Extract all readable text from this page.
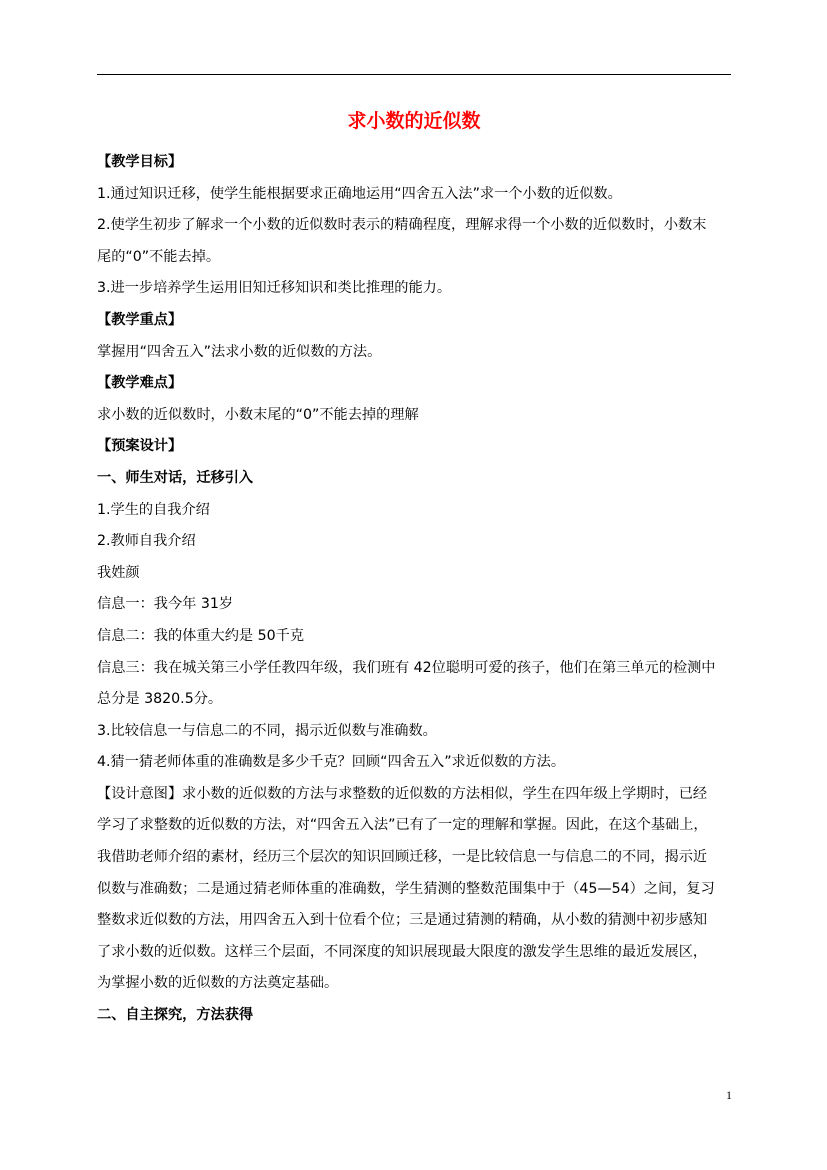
求小数的近似数
【教学目标】
1.通过知识迁移，使学生能根据要求正确地运用“四舍五入法”求一个小数的近似数。
2.使学生初步了解求一个小数的近似数时表示的精确程度，理解求得一个小数的近似数时，小数末
尾的“0”不能去掉。
3.进一步培养学生运用旧知迁移知识和类比推理的能力。
【教学重点】
掌握用“四舍五入”法求小数的近似数的方法。
【教学难点】
求小数的近似数时，小数末尾的“0”不能去掉的理解
【预案设计】
一、师生对话，迁移引入
1.学生的自我介绍
2.教师自我介绍
我姓颜
信息一：我今年 31岁
信息二：我的体重大约是 50千克
信息三：我在城关第三小学任教四年级，我们班有 42位聪明可爱的孩子，他们在第三单元的检测中
总分是 3820.5分。
3.比较信息一与信息二的不同，揭示近似数与准确数。
4.猜一猜老师体重的准确数是多少千克？回顾“四舍五入”求近似数的方法。
【设计意图】求小数的近似数的方法与求整数的近似数的方法相似，学生在四年级上学期时，已经
学习了求整数的近似数的方法，对“四舍五入法”已有了一定的理解和掌握。因此，在这个基础上，
我借助老师介绍的素材，经历三个层次的知识回顾迁移，一是比较信息一与信息二的不同，揭示近
似数与准确数；二是通过猜老师体重的准确数，学生猜测的整数范围集中于（45—54）之间，复习
整数求近似数的方法，用四舍五入到十位看个位；三是通过猜测的精确，从小数的猜测中初步感知
了求小数的近似数。这样三个层面，不同深度的知识展现最大限度的激发学生思维的最近发展区，
为掌握小数的近似数的方法奠定基础。
二、自主探究，方法获得
1
